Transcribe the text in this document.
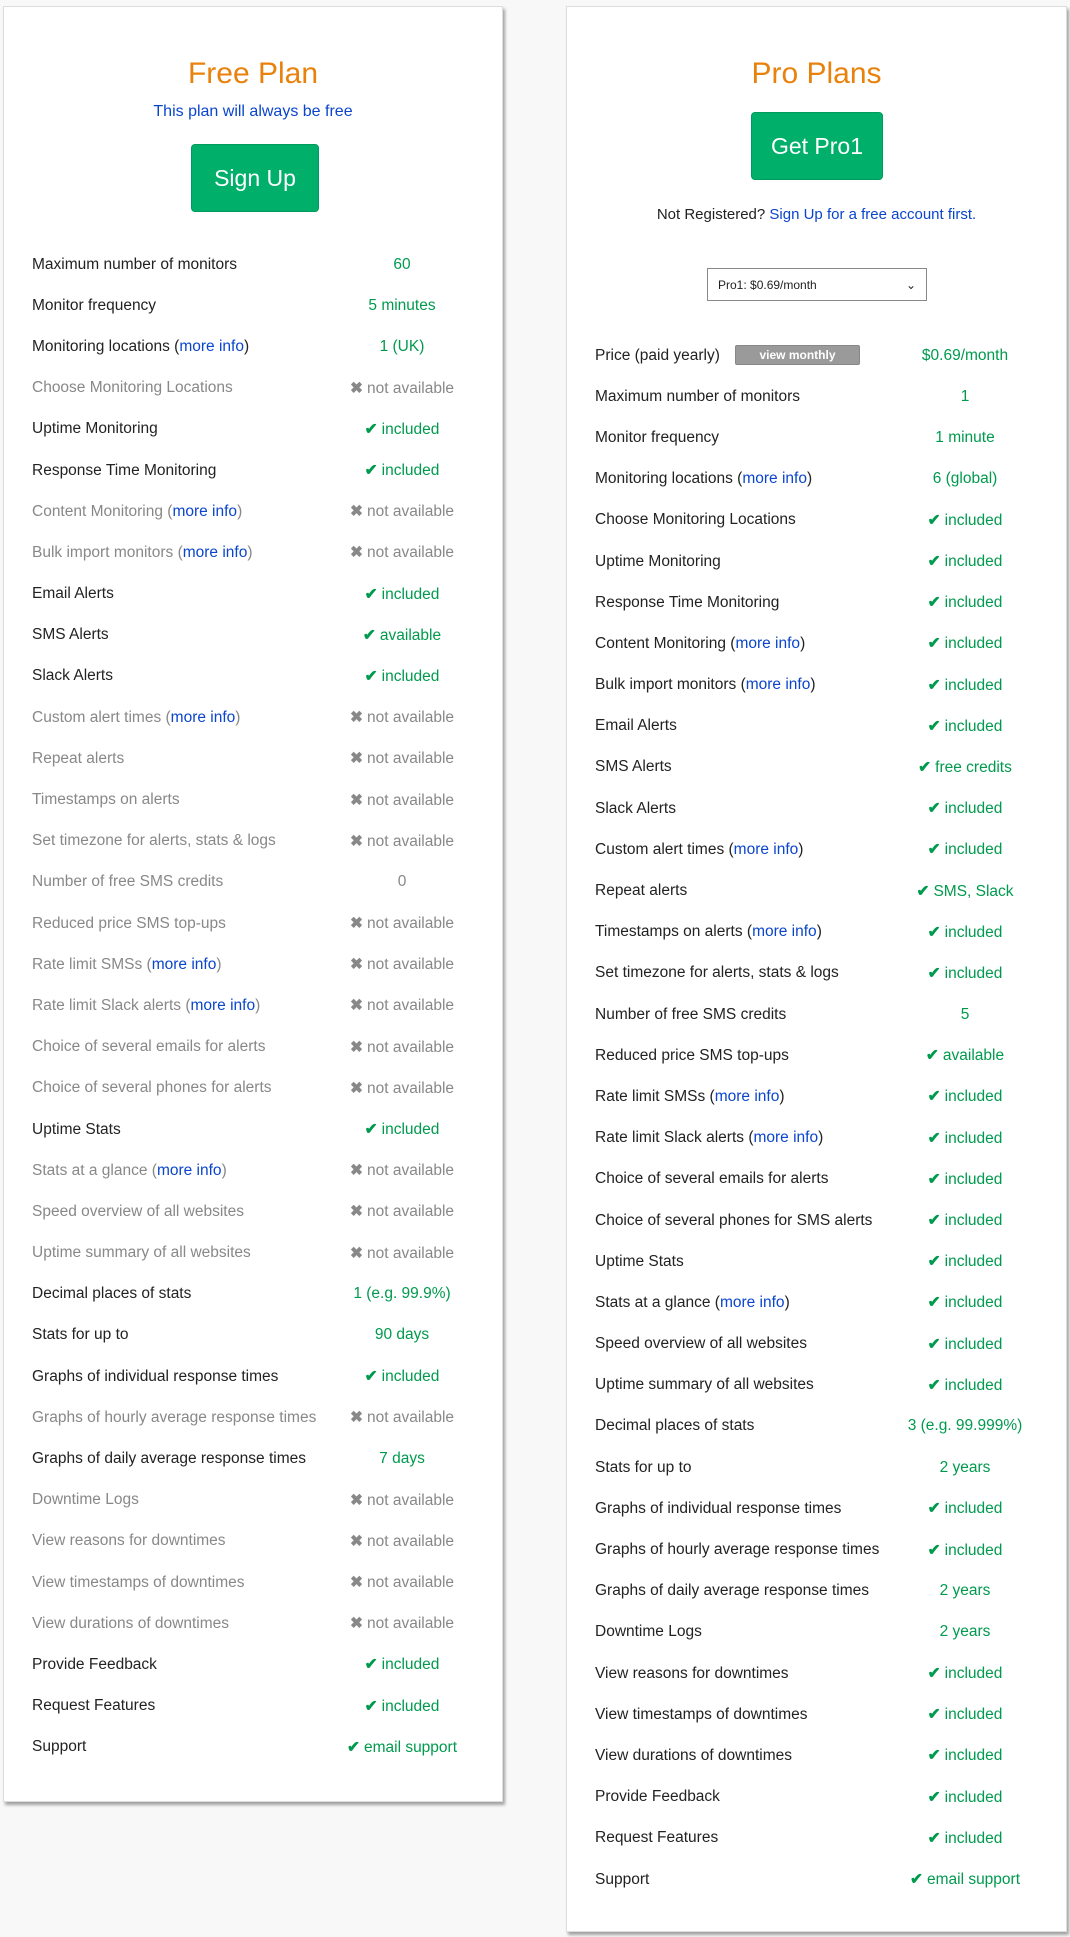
Free Plan
This plan will always be free
Sign Up
Maximum number of monitors	60
Monitor frequency	5 minutes
Monitoring locations (more info)	1 (UK)
Choose Monitoring Locations	✖ not available
Uptime Monitoring	✔ included
Response Time Monitoring	✔ included
Content Monitoring (more info)	✖ not available
Bulk import monitors (more info)	✖ not available
Email Alerts	✔ included
SMS Alerts	✔ available
Slack Alerts	✔ included
Custom alert times (more info)	✖ not available
Repeat alerts	✖ not available
Timestamps on alerts	✖ not available
Set timezone for alerts, stats & logs	✖ not available
Number of free SMS credits	0
Reduced price SMS top-ups	✖ not available
Rate limit SMSs (more info)	✖ not available
Rate limit Slack alerts (more info)	✖ not available
Choice of several emails for alerts	✖ not available
Choice of several phones for alerts	✖ not available
Uptime Stats	✔ included
Stats at a glance (more info)	✖ not available
Speed overview of all websites	✖ not available
Uptime summary of all websites	✖ not available
Decimal places of stats	1 (e.g. 99.9%)
Stats for up to	90 days
Graphs of individual response times	✔ included
Graphs of hourly average response times	✖ not available
Graphs of daily average response times	7 days
Downtime Logs	✖ not available
View reasons for downtimes	✖ not available
View timestamps of downtimes	✖ not available
View durations of downtimes	✖ not available
Provide Feedback	✔ included
Request Features	✔ included
Support	✔ email support
Pro Plans
Get Pro1
Not Registered? Sign Up for a free account first.
Pro1: $0.69/month	⌄
Price (paid yearly)	view monthly	$0.69/month
Maximum number of monitors	1
Monitor frequency	1 minute
Monitoring locations (more info)	6 (global)
Choose Monitoring Locations	✔ included
Uptime Monitoring	✔ included
Response Time Monitoring	✔ included
Content Monitoring (more info)	✔ included
Bulk import monitors (more info)	✔ included
Email Alerts	✔ included
SMS Alerts	✔ free credits
Slack Alerts	✔ included
Custom alert times (more info)	✔ included
Repeat alerts	✔ SMS, Slack
Timestamps on alerts (more info)	✔ included
Set timezone for alerts, stats & logs	✔ included
Number of free SMS credits	5
Reduced price SMS top-ups	✔ available
Rate limit SMSs (more info)	✔ included
Rate limit Slack alerts (more info)	✔ included
Choice of several emails for alerts	✔ included
Choice of several phones for SMS alerts	✔ included
Uptime Stats	✔ included
Stats at a glance (more info)	✔ included
Speed overview of all websites	✔ included
Uptime summary of all websites	✔ included
Decimal places of stats	3 (e.g. 99.999%)
Stats for up to	2 years
Graphs of individual response times	✔ included
Graphs of hourly average response times	✔ included
Graphs of daily average response times	2 years
Downtime Logs	2 years
View reasons for downtimes	✔ included
View timestamps of downtimes	✔ included
View durations of downtimes	✔ included
Provide Feedback	✔ included
Request Features	✔ included
Support	✔ email support
